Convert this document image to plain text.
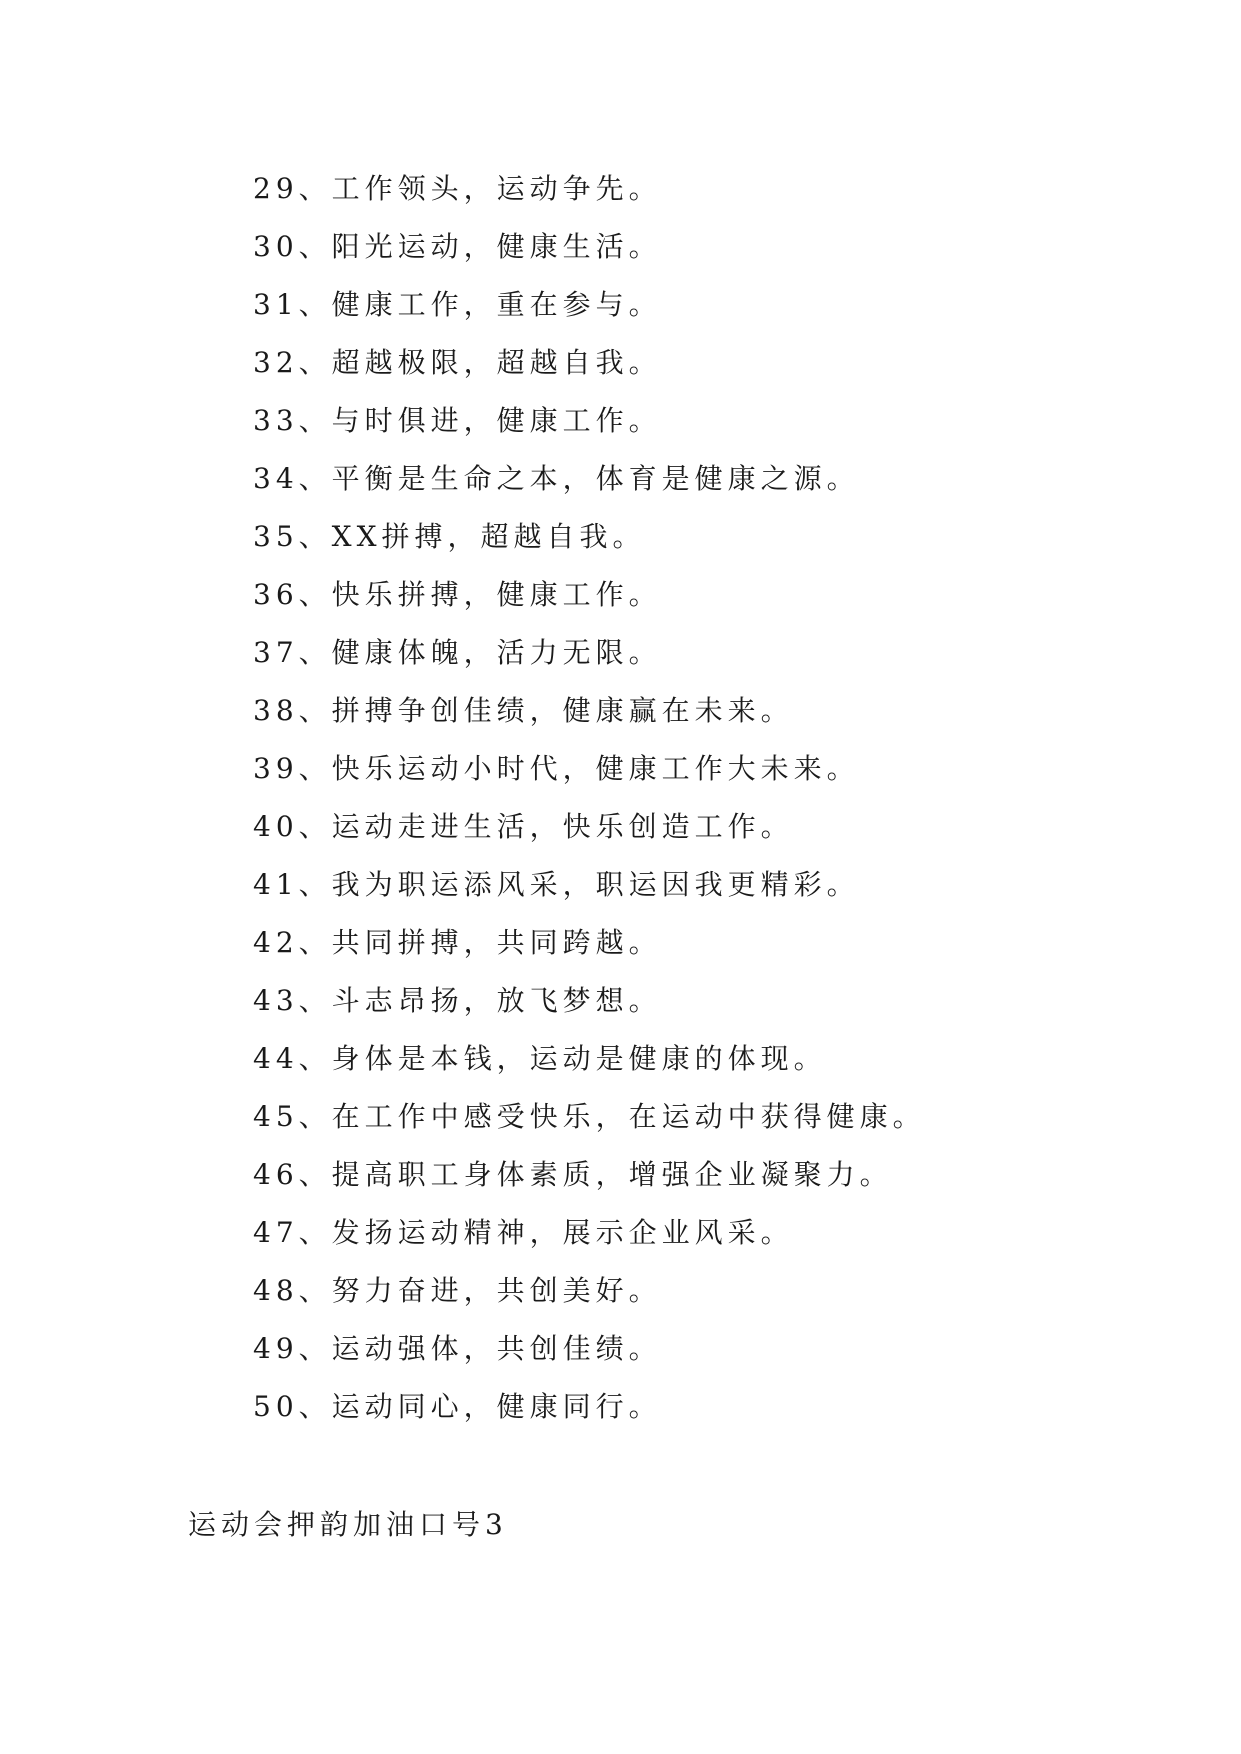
29、工作领头，运动争先。
30、阳光运动，健康生活。
31、健康工作，重在参与。
32、超越极限，超越自我。
33、与时俱进，健康工作。
34、平衡是生命之本，体育是健康之源。
35、XX拼搏，超越自我。
36、快乐拼搏，健康工作。
37、健康体魄，活力无限。
38、拼搏争创佳绩，健康赢在未来。
39、快乐运动小时代，健康工作大未来。
40、运动走进生活，快乐创造工作。
41、我为职运添风采，职运因我更精彩。
42、共同拼搏，共同跨越。
43、斗志昂扬，放飞梦想。
44、身体是本钱，运动是健康的体现。
45、在工作中感受快乐，在运动中获得健康。
46、提高职工身体素质，增强企业凝聚力。
47、发扬运动精神，展示企业风采。
48、努力奋进，共创美好。
49、运动强体，共创佳绩。
50、运动同心，健康同行。
运动会押韵加油口号3
